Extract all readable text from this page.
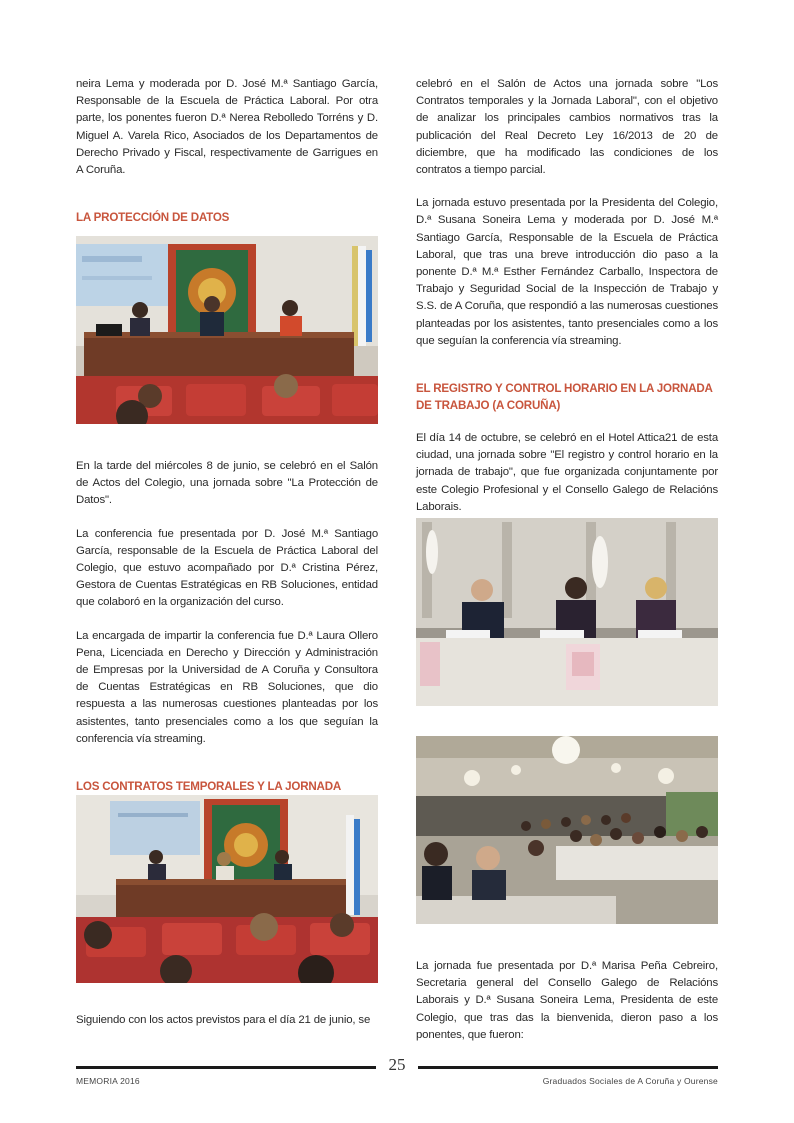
neira Lema y moderada por D. José M.ª Santiago García, Responsable de la Escuela de Práctica Laboral. Por otra parte, los ponentes fueron D.ª Nerea Rebolledo Torréns y D. Miguel A. Varela Rico, Asociados de los Departamentos de Derecho Privado y Fiscal, respectivamente de Garrigues en A Coruña.

LA PROTECCIÓN DE DATOS

En la tarde del miércoles 8 de junio, se celebró en el Salón de Actos del Colegio, una jornada sobre "La Protección de Datos".

La conferencia fue presentada por D. José M.ª Santiago García, responsable de la Escuela de Práctica Laboral del Colegio, que estuvo acompañado por D.ª Cristina Pérez, Gestora de Cuentas Estratégicas en RB Soluciones, entidad que colaboró en la organización del curso.

La encargada de impartir la conferencia fue D.ª Laura Ollero Pena, Licenciada en Derecho y Dirección y Administración de Empresas por la Universidad de A Coruña y Consultora de Cuentas Estratégicas en RB Soluciones, que dio respuesta a las numerosas cuestiones planteadas por los asistentes, tanto presenciales como a los que seguían la conferencia vía streaming.

LOS CONTRATOS TEMPORALES Y LA JORNADA

Siguiendo con los actos previstos para el día 21 de junio, se

celebró en el Salón de Actos una jornada sobre "Los Contratos temporales y la Jornada Laboral", con el objetivo de analizar los principales cambios normativos tras la publicación del Real Decreto Ley 16/2013 de 20 de diciembre, que ha modificado las condiciones de los contratos a tiempo parcial.

La jornada estuvo presentada por la Presidenta del Colegio, D.ª Susana Soneira Lema y moderada por D. José M.ª Santiago García, Responsable de la Escuela de Práctica Laboral, que tras una breve introducción dio paso a la ponente D.ª M.ª Esther Fernández Carballo, Inspectora de Trabajo y Seguridad Social de la Inspección de Trabajo y S.S. de A Coruña, que respondió a las numerosas cuestiones planteadas por los asistentes, tanto presenciales como a los que seguían la conferencia vía streaming.

EL REGISTRO Y CONTROL HORARIO EN LA JORNADA DE TRABAJO (A CORUÑA)

El día 14 de octubre, se celebró en el Hotel Attica21 de esta ciudad, una jornada sobre "El registro y control horario en la jornada de trabajo", que fue organizada conjuntamente por este Colegio Profesional y el Consello Galego de Relacións Laborais.

La jornada fue presentada por D.ª Marisa Peña Cebreiro, Secretaria general del Consello Galego de Relacións Laborais y D.ª Susana Soneira Lema, Presidenta de este Colegio, que tras das la bienvenida, dieron paso a los ponentes, que fueron:

25
MEMORIA 2016	Graduados Sociales de A Coruña y Ourense
